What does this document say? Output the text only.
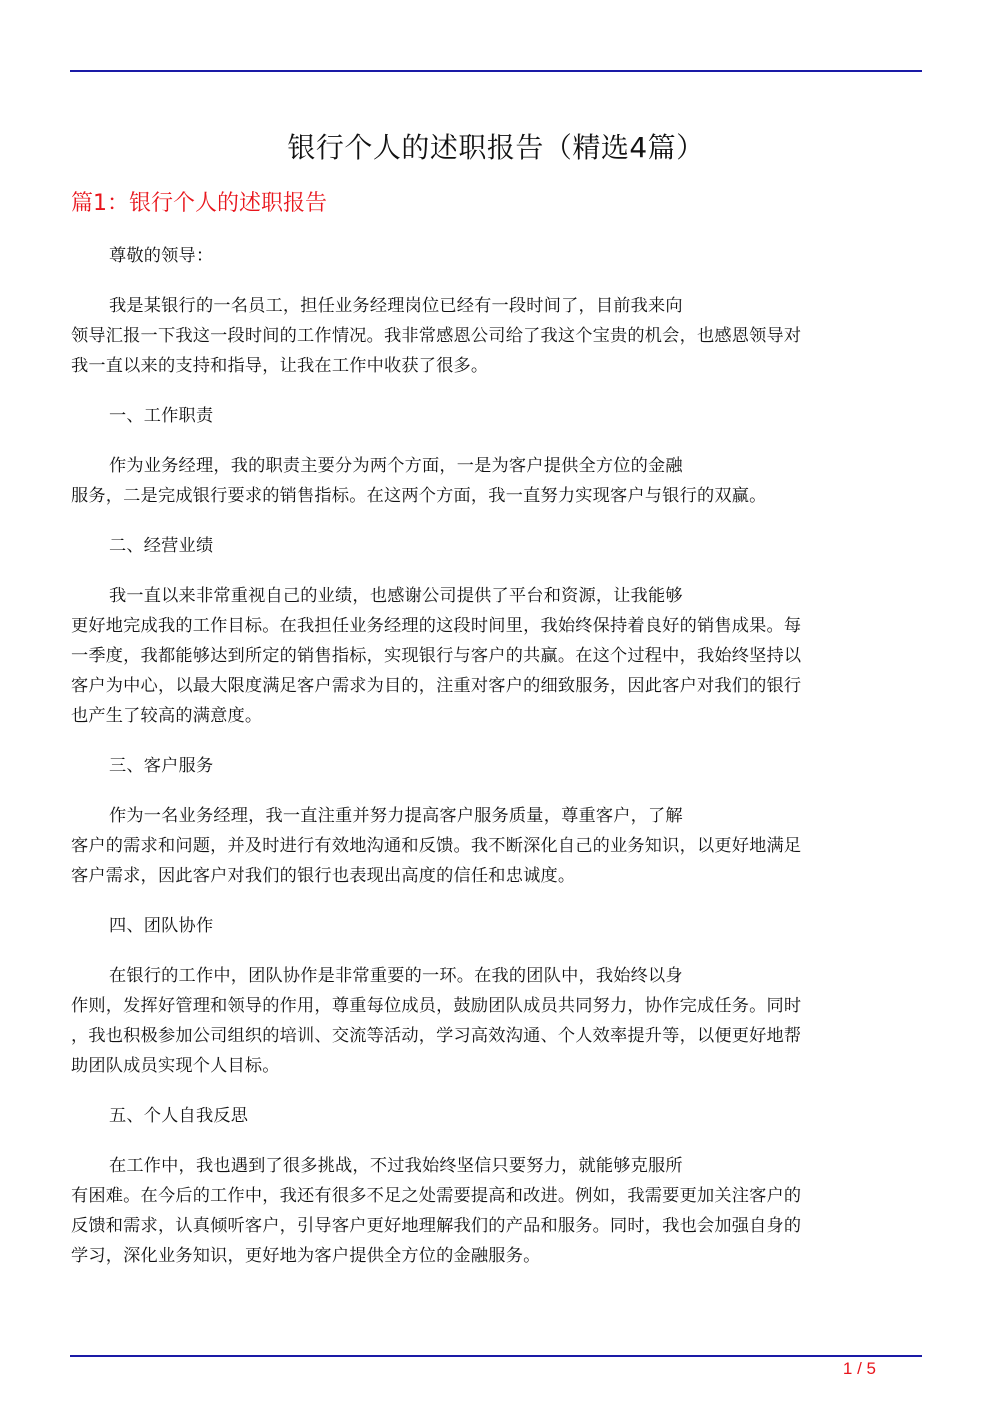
银行个人的述职报告（精选4篇）
篇1：银行个人的述职报告
尊敬的领导：
我是某银行的一名员工，担任业务经理岗位已经有一段时间了，目前我来向
领导汇报一下我这一段时间的工作情况。我非常感恩公司给了我这个宝贵的机会，也感恩领导对
我一直以来的支持和指导，让我在工作中收获了很多。
一、工作职责
作为业务经理，我的职责主要分为两个方面，一是为客户提供全方位的金融
服务，二是完成银行要求的销售指标。在这两个方面，我一直努力实现客户与银行的双赢。
二、经营业绩
我一直以来非常重视自己的业绩，也感谢公司提供了平台和资源，让我能够
更好地完成我的工作目标。在我担任业务经理的这段时间里，我始终保持着良好的销售成果。每
一季度，我都能够达到所定的销售指标，实现银行与客户的共赢。在这个过程中，我始终坚持以
客户为中心，以最大限度满足客户需求为目的，注重对客户的细致服务，因此客户对我们的银行
也产生了较高的满意度。
三、客户服务
作为一名业务经理，我一直注重并努力提高客户服务质量，尊重客户，了解
客户的需求和问题，并及时进行有效地沟通和反馈。我不断深化自己的业务知识，以更好地满足
客户需求，因此客户对我们的银行也表现出高度的信任和忠诚度。
四、团队协作
在银行的工作中，团队协作是非常重要的一环。在我的团队中，我始终以身
作则，发挥好管理和领导的作用，尊重每位成员，鼓励团队成员共同努力，协作完成任务。同时
，我也积极参加公司组织的培训、交流等活动，学习高效沟通、个人效率提升等，以便更好地帮
助团队成员实现个人目标。
五、个人自我反思
在工作中，我也遇到了很多挑战，不过我始终坚信只要努力，就能够克服所
有困难。在今后的工作中，我还有很多不足之处需要提高和改进。例如，我需要更加关注客户的
反馈和需求，认真倾听客户，引导客户更好地理解我们的产品和服务。同时，我也会加强自身的
学习，深化业务知识，更好地为客户提供全方位的金融服务。
1 / 5
